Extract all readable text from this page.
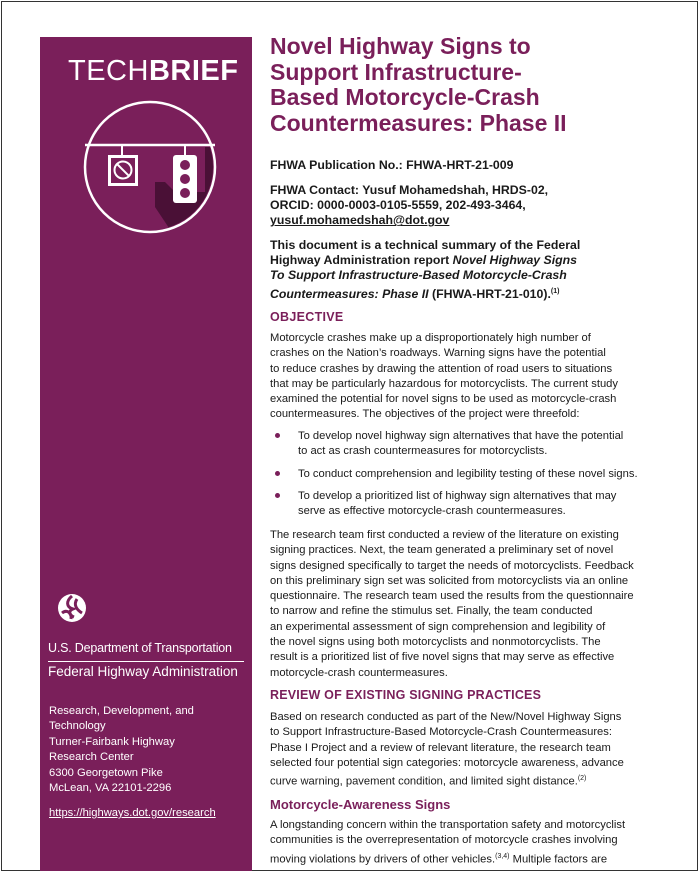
TECHBRIEF
U.S. Department of Transportation
Federal Highway Administration
Research, Development, and
Technology
Turner-Fairbank Highway
Research Center
6300 Georgetown Pike
McLean, VA 22101-2296
https://highways.dot.gov/research
Novel Highway Signs to
Support Infrastructure-
Based Motorcycle-Crash
Countermeasures: Phase II
FHWA Publication No.: FHWA-HRT-21-009
FHWA Contact: Yusuf Mohamedshah, HRDS-02,
ORCID: 0000-0003-0105-5559, 202-493-3464,
yusuf.mohamedshah@dot.gov
This document is a technical summary of the Federal
Highway Administration report Novel Highway Signs
To Support Infrastructure-Based Motorcycle-Crash
Countermeasures: Phase II (FHWA-HRT-21-010).$^{(1)}$
OBJECTIVE
Motorcycle crashes make up a disproportionately high number of
crashes on the Nation’s roadways. Warning signs have the potential
to reduce crashes by drawing the attention of road users to situations
that may be particularly hazardous for motorcyclists. The current study
examined the potential for novel signs to be used as motorcycle-crash
countermeasures. The objectives of the project were threefold:
To develop novel highway sign alternatives that have the potential
to act as crash countermeasures for motorcyclists.
To conduct comprehension and legibility testing of these novel signs.
To develop a prioritized list of highway sign alternatives that may
serve as effective motorcycle-crash countermeasures.
The research team first conducted a review of the literature on existing
signing practices. Next, the team generated a preliminary set of novel
signs designed specifically to target the needs of motorcyclists. Feedback
on this preliminary sign set was solicited from motorcyclists via an online
questionnaire. The research team used the results from the questionnaire
to narrow and refine the stimulus set. Finally, the team conducted
an experimental assessment of sign comprehension and legibility of
the novel signs using both motorcyclists and nonmotorcyclists. The
result is a prioritized list of five novel signs that may serve as effective
motorcycle-crash countermeasures.
REVIEW OF EXISTING SIGNING PRACTICES
Based on research conducted as part of the New/Novel Highway Signs
to Support Infrastructure-Based Motorcycle-Crash Countermeasures:
Phase I Project and a review of relevant literature, the research team
selected four potential sign categories: motorcycle awareness, advance
curve warning, pavement condition, and limited sight distance.$^{(2)}$
Motorcycle-Awareness Signs
A longstanding concern within the transportation safety and motorcyclist
communities is the overrepresentation of motorcycle crashes involving
moving violations by drivers of other vehicles.$^{(3,4)}$ Multiple factors are
